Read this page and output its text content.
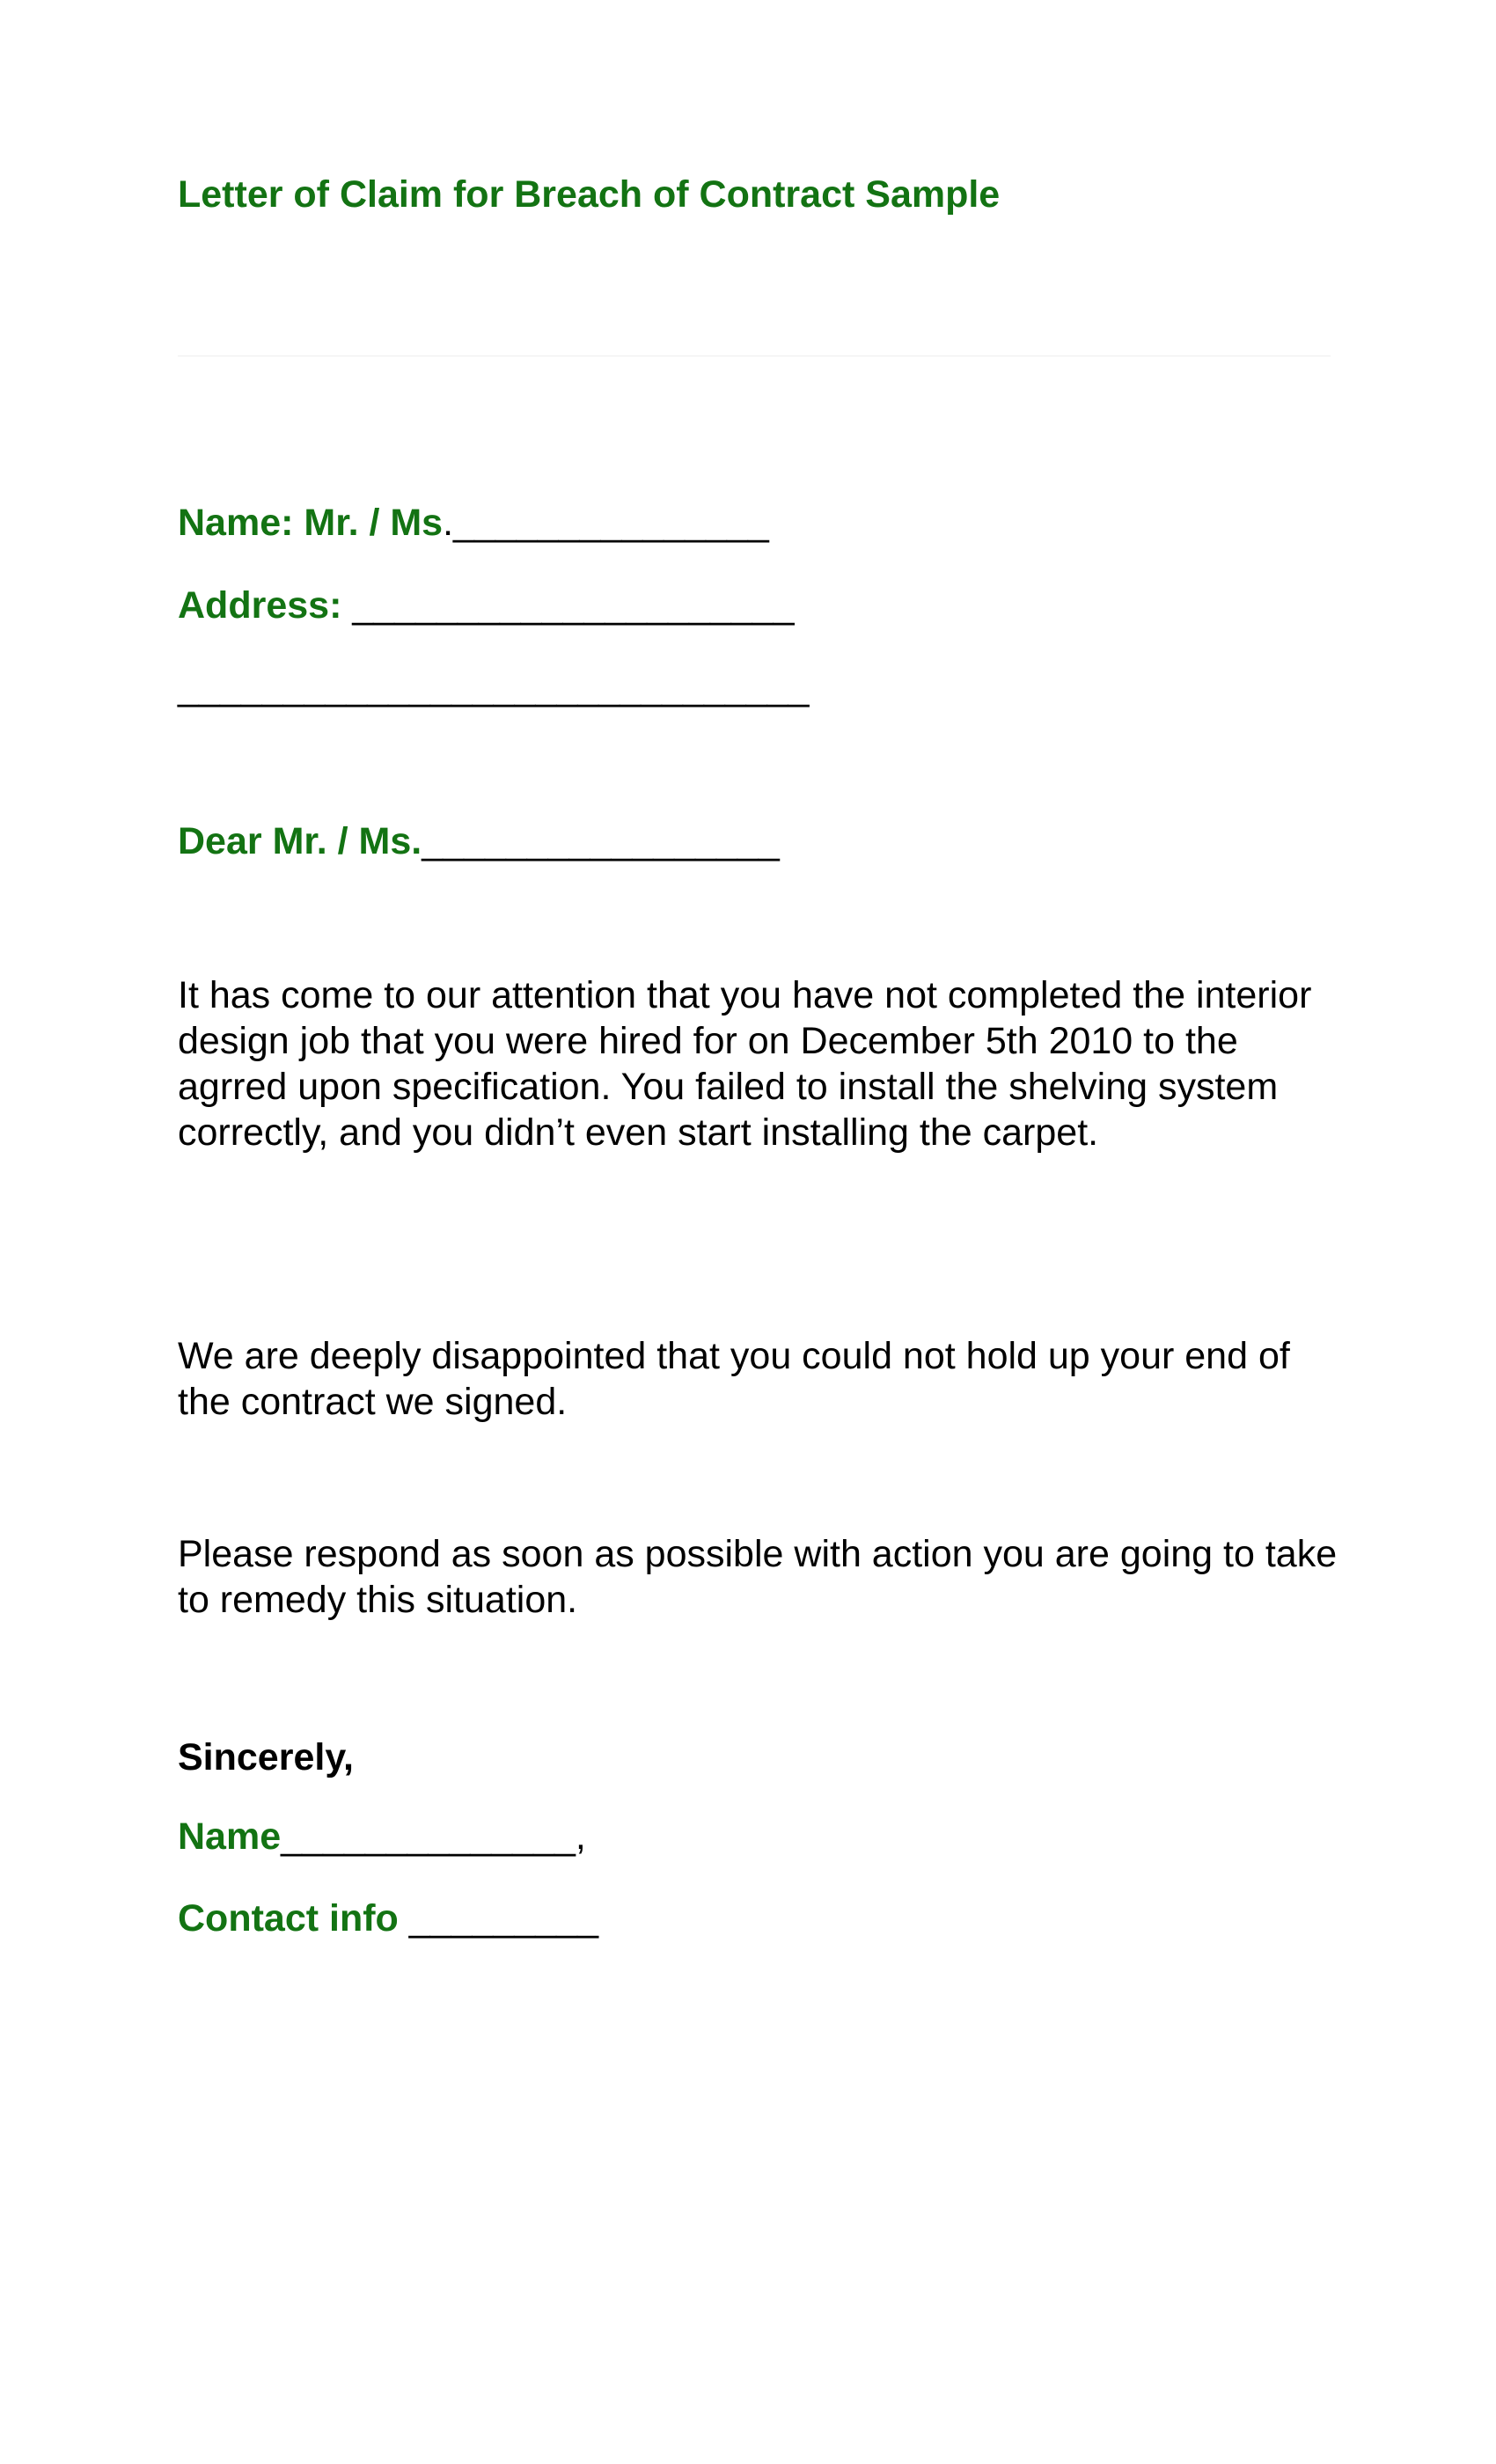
Letter of Claim for Breach of Contract Sample
Name: Mr. / Ms._______________
Address: _____________________
______________________________
Dear Mr. / Ms._________________
It has come to our attention that you have not completed the interior design job that you were hired for on December 5th 2010 to the agrred upon specification. You failed to install the shelving system correctly, and you didn’t even start installing the carpet.
We are deeply disappointed that you could not hold up your end of the contract we signed.
Please respond as soon as possible with action you are going to take to remedy this situation.
Sincerely,
Name______________,
Contact info _________
